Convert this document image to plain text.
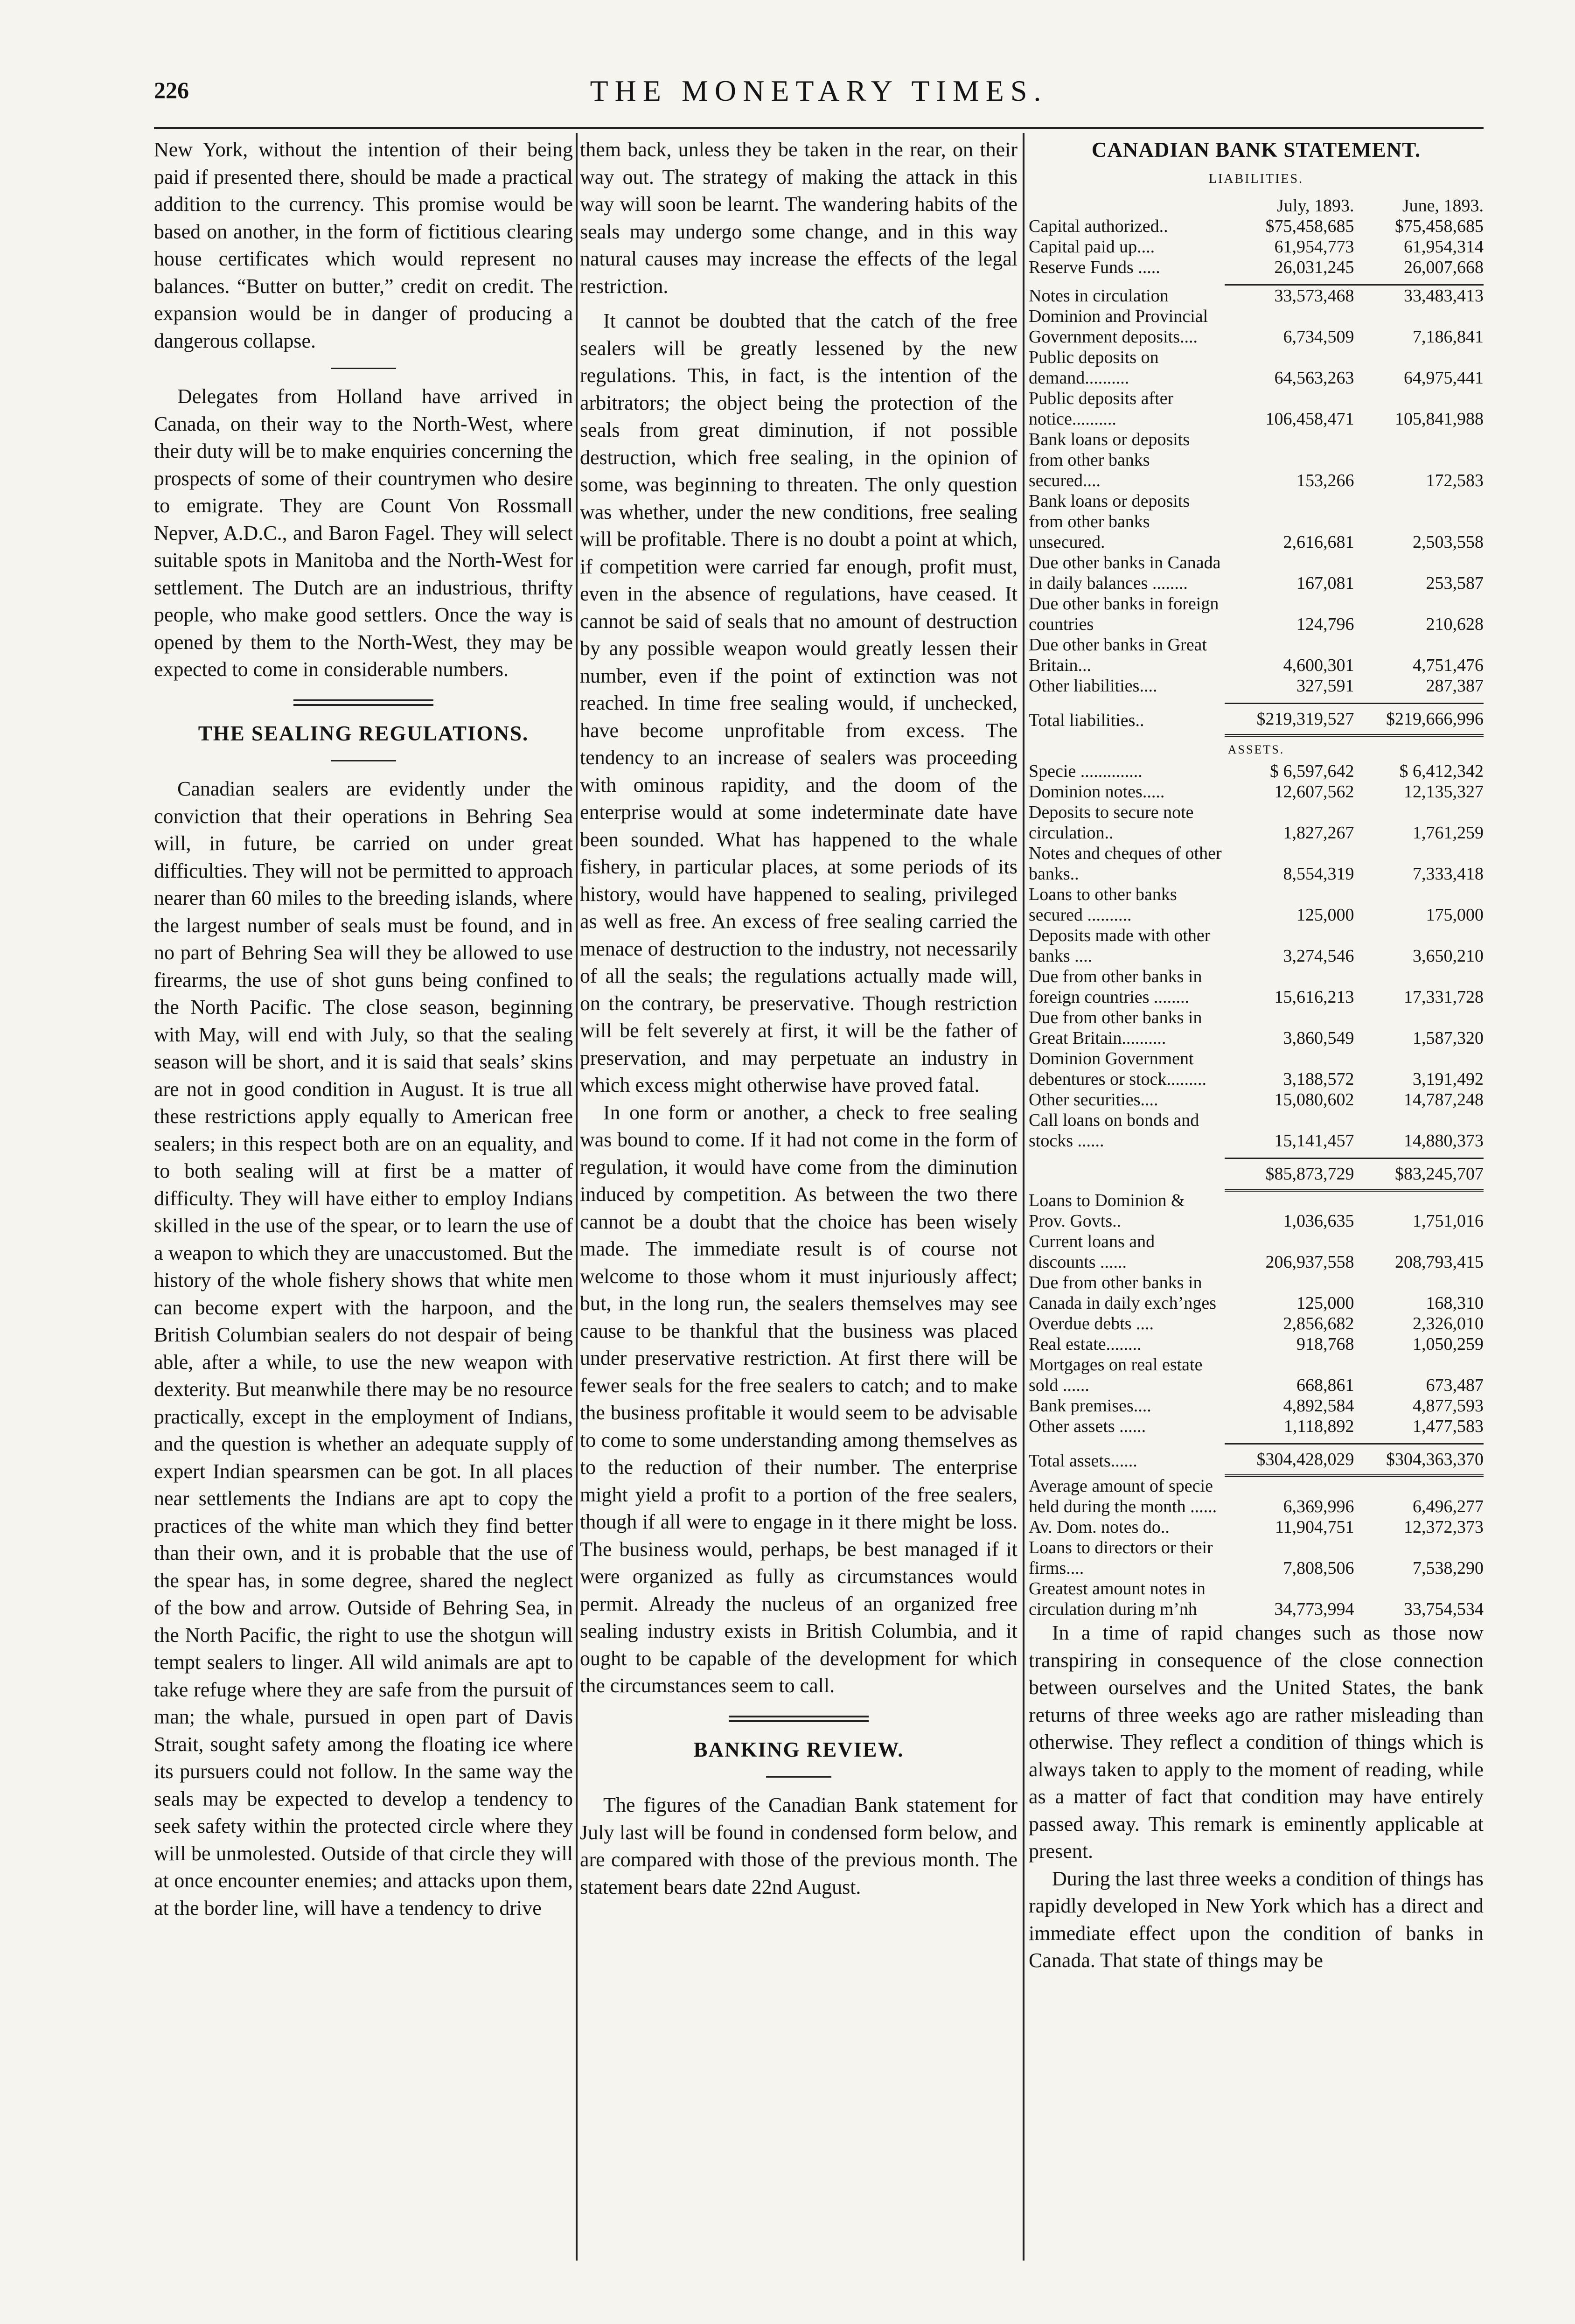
226	THE MONETARY TIMES.

New York, without the intention of their being paid if presented there, should be made a practical addition to the currency. This promise would be based on another, in the form of fictitious clearing house certificates which would represent no balances. “Butter on butter,” credit on credit. The expansion would be in danger of producing a dangerous collapse.

Delegates from Holland have arrived in Canada, on their way to the North-West, where their duty will be to make enquiries concerning the prospects of some of their countrymen who desire to emigrate. They are Count Von Rossmall Nepver, A.D.C., and Baron Fagel. They will select suitable spots in Manitoba and the North-West for settlement. The Dutch are an industrious, thrifty people, who make good settlers. Once the way is opened by them to the North-West, they may be expected to come in considerable numbers.

THE SEALING REGULATIONS.

Canadian sealers are evidently under the conviction that their operations in Behring Sea will, in future, be carried on under great difficulties. They will not be permitted to approach nearer than 60 miles to the breeding islands, where the largest number of seals must be found, and in no part of Behring Sea will they be allowed to use firearms, the use of shot guns being confined to the North Pacific. The close season, beginning with May, will end with July, so that the sealing season will be short, and it is said that seals’ skins are not in good condition in August. It is true all these restrictions apply equally to American free sealers; in this respect both are on an equality, and to both sealing will at first be a matter of difficulty. They will have either to employ Indians skilled in the use of the spear, or to learn the use of a weapon to which they are unaccustomed. But the history of the whole fishery shows that white men can become expert with the harpoon, and the British Columbian sealers do not despair of being able, after a while, to use the new weapon with dexterity. But meanwhile there may be no resource practically, except in the employment of Indians, and the question is whether an adequate supply of expert Indian spearsmen can be got. In all places near settlements the Indians are apt to copy the practices of the white man which they find better than their own, and it is probable that the use of the spear has, in some degree, shared the neglect of the bow and arrow. Outside of Behring Sea, in the North Pacific, the right to use the shotgun will tempt sealers to linger. All wild animals are apt to take refuge where they are safe from the pursuit of man; the whale, pursued in open part of Davis Strait, sought safety among the floating ice where its pursuers could not follow. In the same way the seals may be expected to develop a tendency to seek safety within the protected circle where they will be unmolested. Outside of that circle they will at once encounter enemies; and attacks upon them, at the border line, will have a tendency to drive

them back, unless they be taken in the rear, on their way out. The strategy of making the attack in this way will soon be learnt. The wandering habits of the seals may undergo some change, and in this way natural causes may increase the effects of the legal restriction.

It cannot be doubted that the catch of the free sealers will be greatly lessened by the new regulations. This, in fact, is the intention of the arbitrators; the object being the protection of the seals from great diminution, if not possible destruction, which free sealing, in the opinion of some, was beginning to threaten. The only question was whether, under the new conditions, free sealing will be profitable. There is no doubt a point at which, if competition were carried far enough, profit must, even in the absence of regulations, have ceased. It cannot be said of seals that no amount of destruction by any possible weapon would greatly lessen their number, even if the point of extinction was not reached. In time free sealing would, if unchecked, have become unprofitable from excess. The tendency to an increase of sealers was proceeding with ominous rapidity, and the doom of the enterprise would at some indeterminate date have been sounded. What has happened to the whale fishery, in particular places, at some periods of its history, would have happened to sealing, privileged as well as free. An excess of free sealing carried the menace of destruction to the industry, not necessarily of all the seals; the regulations actually made will, on the contrary, be preservative. Though restriction will be felt severely at first, it will be the father of preservation, and may perpetuate an industry in which excess might otherwise have proved fatal.

In one form or another, a check to free sealing was bound to come. If it had not come in the form of regulation, it would have come from the diminution induced by competition. As between the two there cannot be a doubt that the choice has been wisely made. The immediate result is of course not welcome to those whom it must injuriously affect; but, in the long run, the sealers themselves may see cause to be thankful that the business was placed under preservative restriction. At first there will be fewer seals for the free sealers to catch; and to make the business profitable it would seem to be advisable to come to some understanding among themselves as to the reduction of their number. The enterprise might yield a profit to a portion of the free sealers, though if all were to engage in it there might be loss. The business would, perhaps, be best managed if it were organized as fully as circumstances would permit. Already the nucleus of an organized free sealing industry exists in British Columbia, and it ought to be capable of the development for which the circumstances seem to call.

BANKING REVIEW.

The figures of the Canadian Bank statement for July last will be found in condensed form below, and are compared with those of the previous month. The statement bears date 22nd August.

CANADIAN BANK STATEMENT.
LIABILITIES.
	July, 1893.	June, 1893.
Capital authorized..	$75,458,685	$75,458,685
Capital paid up....	61,954,773	61,954,314
Reserve Funds .....	26,031,245	26,007,668

Notes in circulation	33,573,468	33,483,413
Dominion and Provincial Government deposits....	6,734,509	7,186,841
Public deposits on demand..........	64,563,263	64,975,441
Public deposits after notice..........	106,458,471	105,841,988
Bank loans or deposits from other banks secured....	153,266	172,583
Bank loans or deposits from other banks unsecured.	2,616,681	2,503,558
Due other banks in Canada in daily balances ........	167,081	253,587
Due other banks in foreign countries	124,796	210,628
Due other banks in Great Britain...	4,600,301	4,751,476
Other liabilities....	327,591	287,387

Total liabilities..	$219,319,527	$219,666,996
ASSETS.		
Specie ..............	$ 6,597,642	$ 6,412,342
Dominion notes.....	12,607,562	12,135,327
Deposits to secure note circulation..	1,827,267	1,761,259
Notes and cheques of other banks..	8,554,319	7,333,418
Loans to other banks secured ..........	125,000	175,000
Deposits made with other banks ....	3,274,546	3,650,210
Due from other banks in foreign countries ........	15,616,213	17,331,728
Due from other banks in Great Britain..........	3,860,549	1,587,320
Dominion Government debentures or stock.........	3,188,572	3,191,492
Other securities....	15,080,602	14,787,248
Call loans on bonds and stocks ......	15,141,457	14,880,373

	$85,873,729	$83,245,707
Loans to Dominion & Prov. Govts..	1,036,635	1,751,016
Current loans and discounts ......	206,937,558	208,793,415
Due from other banks in Canada in daily exch’nges	125,000	168,310
Overdue debts ....	2,856,682	2,326,010
Real estate........	918,768	1,050,259
Mortgages on real estate sold ......	668,861	673,487
Bank premises....	4,892,584	4,877,593
Other assets ......	1,118,892	1,477,583

Total assets......	$304,428,029	$304,363,370
Average amount of specie held during the month ......	6,369,996	6,496,277
Av. Dom. notes do..	11,904,751	12,372,373
Loans to directors or their firms....	7,808,506	7,538,290
Greatest amount notes in circulation during m’nh	34,773,994	33,754,534

In a time of rapid changes such as those now transpiring in consequence of the close connection between ourselves and the United States, the bank returns of three weeks ago are rather misleading than otherwise. They reflect a condition of things which is always taken to apply to the moment of reading, while as a matter of fact that condition may have entirely passed away. This remark is eminently applicable at present.

During the last three weeks a condition of things has rapidly developed in New York which has a direct and immediate effect upon the condition of banks in Canada. That state of things may be
